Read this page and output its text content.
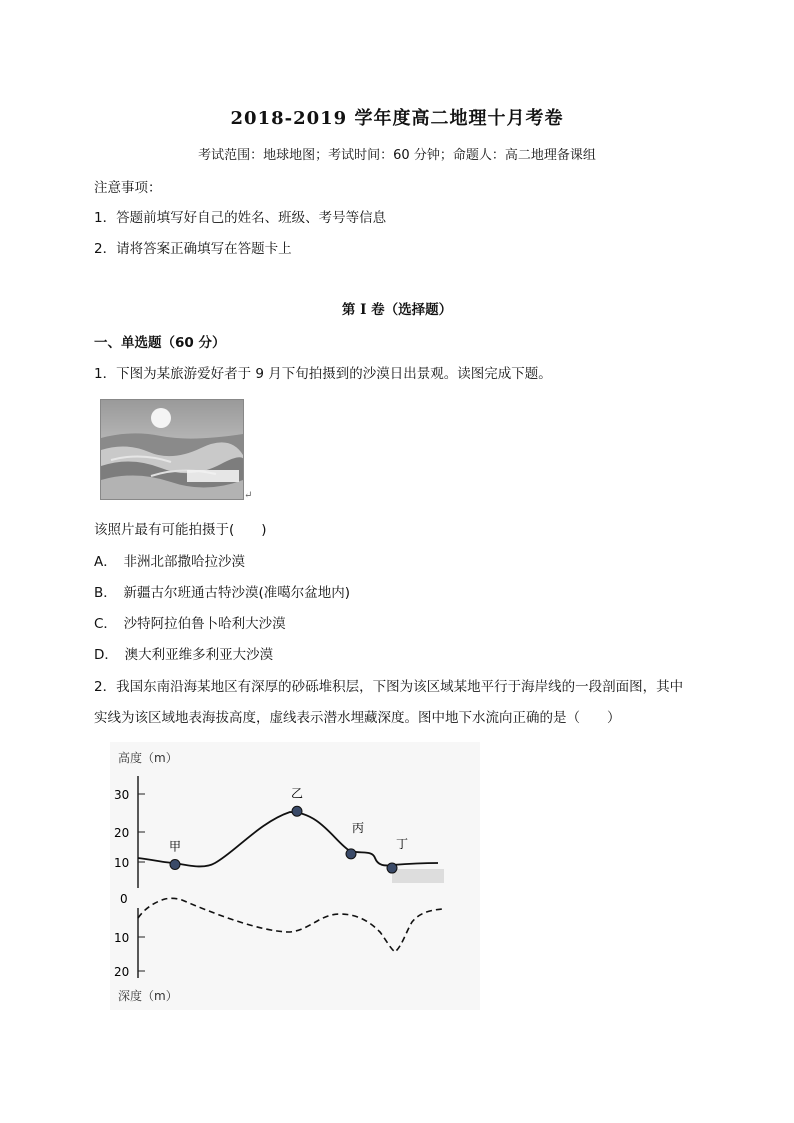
2018-2019 学年度高二地理十月考卷
考试范围：地球地图；考试时间：60 分钟；命题人：高二地理备课组
注意事项：
1．答题前填写好自己的姓名、班级、考号等信息
2．请将答案正确填写在答题卡上
第 I 卷（选择题）
一、单选题（60 分）
1．下图为某旅游爱好者于 9 月下旬拍摄到的沙漠日出景观。读图完成下题。
↵
该照片最有可能拍摄于(　　)
A．　非洲北部撒哈拉沙漠
B．　新疆古尔班通古特沙漠(准噶尔盆地内)
C．　沙特阿拉伯鲁卜哈利大沙漠
D．　澳大利亚维多利亚大沙漠
2．我国东南沿海某地区有深厚的砂砾堆积层，下图为该区域某地平行于海岸线的一段剖面图，其中
实线为该区域地表海拔高度，虚线表示潜水埋藏深度。图中地下水流向正确的是（　　）
高度（m）
深度（m）
30
20
10
0
10
20
甲
乙
丙
丁
